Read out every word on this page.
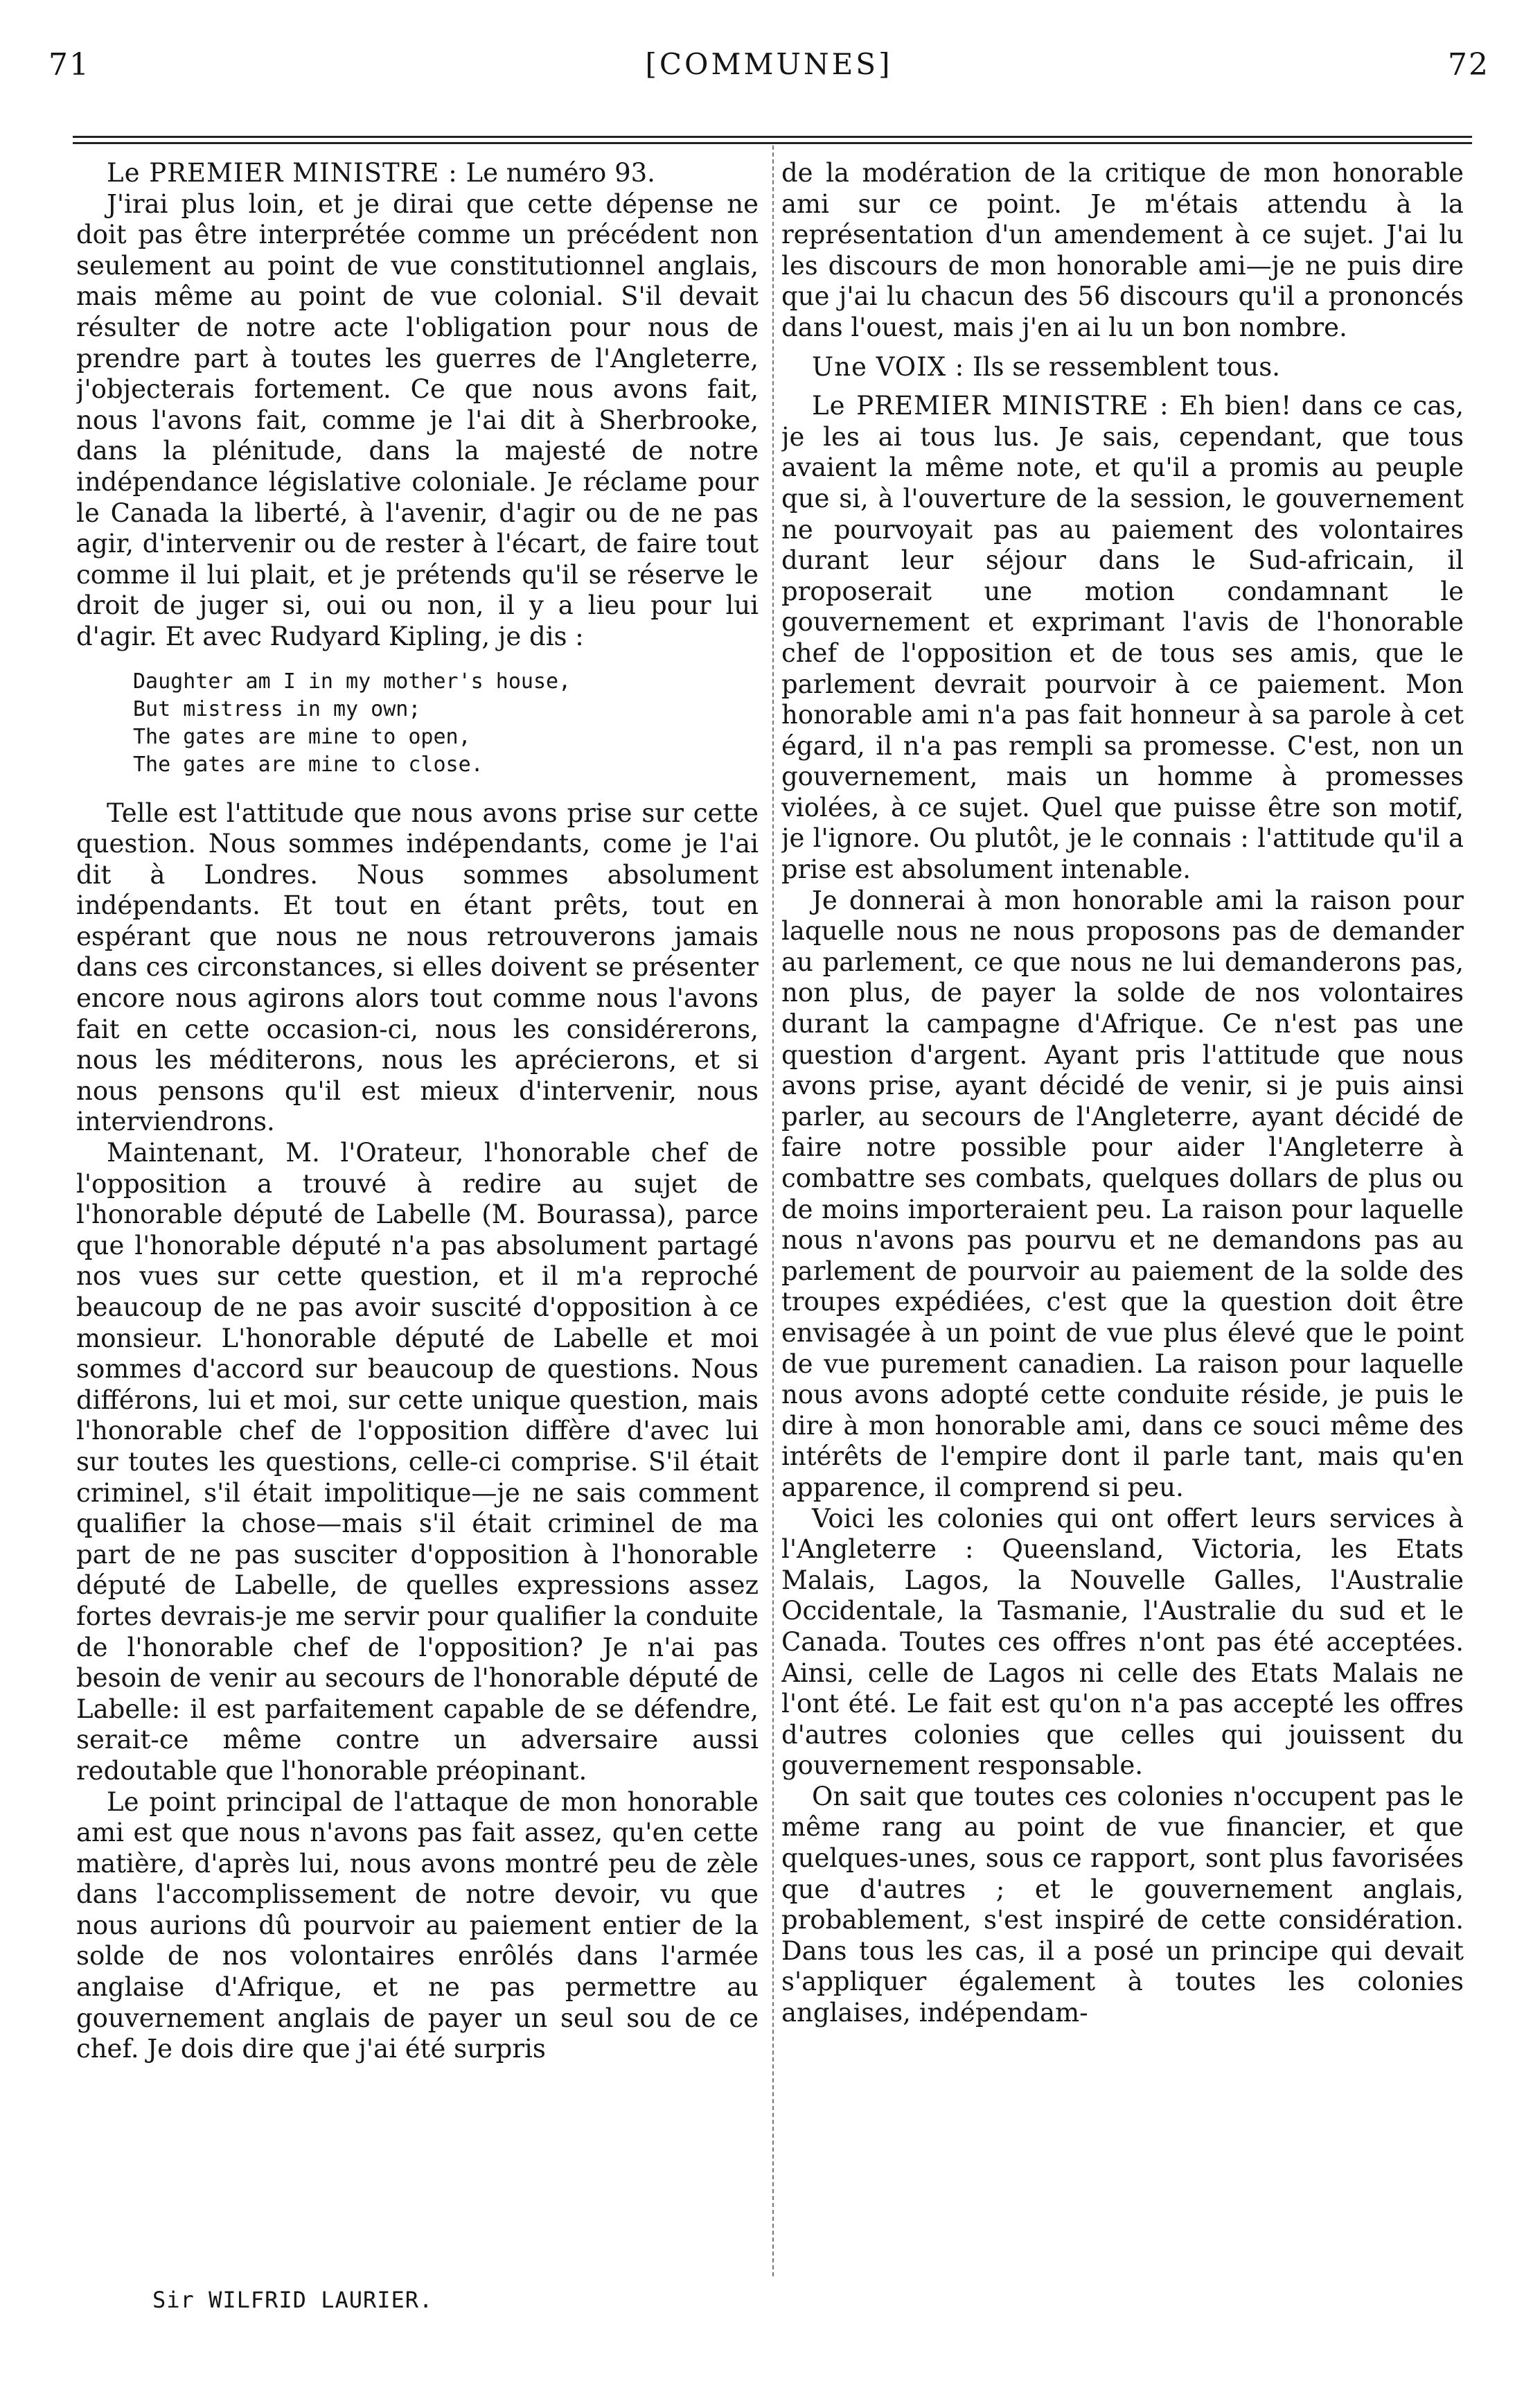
71	[COMMUNES]	72

Le PREMIER MINISTRE : Le numéro 93.

J'irai plus loin, et je dirai que cette dépense ne doit pas être interprétée comme un précédent non seulement au point de vue constitutionnel anglais, mais même au point de vue colonial. S'il devait résulter de notre acte l'obligation pour nous de prendre part à toutes les guerres de l'Angleterre, j'objecterais fortement. Ce que nous avons fait, nous l'avons fait, comme je l'ai dit à Sherbrooke, dans la plénitude, dans la majesté de notre indépendance législative coloniale. Je réclame pour le Canada la liberté, à l'avenir, d'agir ou de ne pas agir, d'intervenir ou de rester à l'écart, de faire tout comme il lui plait, et je prétends qu'il se réserve le droit de juger si, oui ou non, il y a lieu pour lui d'agir. Et avec Rudyard Kipling, je dis :

Daughter am I in my mother's house,
But mistress in my own;
The gates are mine to open,
The gates are mine to close.

Telle est l'attitude que nous avons prise sur cette question. Nous sommes indépendants, come je l'ai dit à Londres. Nous sommes absolument indépendants. Et tout en étant prêts, tout en espérant que nous ne nous retrouverons jamais dans ces circonstances, si elles doivent se présenter encore nous agirons alors tout comme nous l'avons fait en cette occasion-ci, nous les considérerons, nous les méditerons, nous les aprécierons, et si nous pensons qu'il est mieux d'intervenir, nous interviendrons.

Maintenant, M. l'Orateur, l'honorable chef de l'opposition a trouvé à redire au sujet de l'honorable député de Labelle (M. Bourassa), parce que l'honorable député n'a pas absolument partagé nos vues sur cette question, et il m'a reproché beaucoup de ne pas avoir suscité d'opposition à ce monsieur. L'honorable député de Labelle et moi sommes d'accord sur beaucoup de questions. Nous différons, lui et moi, sur cette unique question, mais l'honorable chef de l'opposition diffère d'avec lui sur toutes les questions, celle-ci comprise. S'il était criminel, s'il était impolitique—je ne sais comment qualifier la chose—mais s'il était criminel de ma part de ne pas susciter d'opposition à l'honorable député de Labelle, de quelles expressions assez fortes devrais-je me servir pour qualifier la conduite de l'honorable chef de l'opposition? Je n'ai pas besoin de venir au secours de l'honorable député de Labelle: il est parfaitement capable de se défendre, serait-ce même contre un adversaire aussi redoutable que l'honorable préopinant.

Le point principal de l'attaque de mon honorable ami est que nous n'avons pas fait assez, qu'en cette matière, d'après lui, nous avons montré peu de zèle dans l'accomplissement de notre devoir, vu que nous aurions dû pourvoir au paiement entier de la solde de nos volontaires enrôlés dans l'armée anglaise d'Afrique, et ne pas permettre au gouvernement anglais de payer un seul sou de ce chef. Je dois dire que j'ai été surpris

de la modération de la critique de mon honorable ami sur ce point. Je m'étais attendu à la représentation d'un amendement à ce sujet. J'ai lu les discours de mon honorable ami—je ne puis dire que j'ai lu chacun des 56 discours qu'il a prononcés dans l'ouest, mais j'en ai lu un bon nombre.

Une VOIX : Ils se ressemblent tous.

Le PREMIER MINISTRE : Eh bien! dans ce cas, je les ai tous lus. Je sais, cependant, que tous avaient la même note, et qu'il a promis au peuple que si, à l'ouverture de la session, le gouvernement ne pourvoyait pas au paiement des volontaires durant leur séjour dans le Sud-africain, il proposerait une motion condamnant le gouvernement et exprimant l'avis de l'honorable chef de l'opposition et de tous ses amis, que le parlement devrait pourvoir à ce paiement. Mon honorable ami n'a pas fait honneur à sa parole à cet égard, il n'a pas rempli sa promesse. C'est, non un gouvernement, mais un homme à promesses violées, à ce sujet. Quel que puisse être son motif, je l'ignore. Ou plutôt, je le connais : l'attitude qu'il a prise est absolument intenable.

Je donnerai à mon honorable ami la raison pour laquelle nous ne nous proposons pas de demander au parlement, ce que nous ne lui demanderons pas, non plus, de payer la solde de nos volontaires durant la campagne d'Afrique. Ce n'est pas une question d'argent. Ayant pris l'attitude que nous avons prise, ayant décidé de venir, si je puis ainsi parler, au secours de l'Angleterre, ayant décidé de faire notre possible pour aider l'Angleterre à combattre ses combats, quelques dollars de plus ou de moins importeraient peu. La raison pour laquelle nous n'avons pas pourvu et ne demandons pas au parlement de pourvoir au paiement de la solde des troupes expédiées, c'est que la question doit être envisagée à un point de vue plus élevé que le point de vue purement canadien. La raison pour laquelle nous avons adopté cette conduite réside, je puis le dire à mon honorable ami, dans ce souci même des intérêts de l'empire dont il parle tant, mais qu'en apparence, il comprend si peu.

Voici les colonies qui ont offert leurs services à l'Angleterre : Queensland, Victoria, les Etats Malais, Lagos, la Nouvelle Galles, l'Australie Occidentale, la Tasmanie, l'Australie du sud et le Canada. Toutes ces offres n'ont pas été acceptées. Ainsi, celle de Lagos ni celle des Etats Malais ne l'ont été. Le fait est qu'on n'a pas accepté les offres d'autres colonies que celles qui jouissent du gouvernement responsable.

On sait que toutes ces colonies n'occupent pas le même rang au point de vue financier, et que quelques-unes, sous ce rapport, sont plus favorisées que d'autres ; et le gouvernement anglais, probablement, s'est inspiré de cette considération. Dans tous les cas, il a posé un principe qui devait s'appliquer également à toutes les colonies anglaises, indépendam-

Sir WILFRID LAURIER.
